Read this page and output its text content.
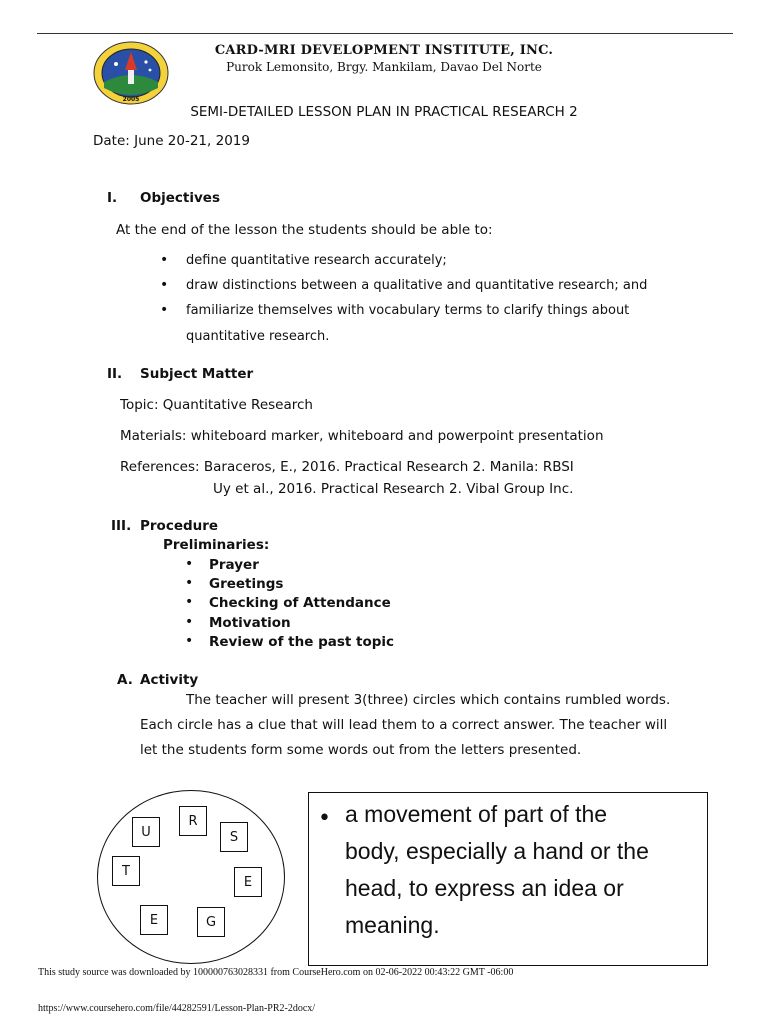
2005
CARD-MRI DEVELOPMENT INSTITUTE, INC.
Purok Lemonsito, Brgy. Mankilam, Davao Del Norte
SEMI-DETAILED LESSON PLAN IN PRACTICAL RESEARCH 2
Date: June 20-21, 2019
I. Objectives
At the end of the lesson the students should be able to:
• define quantitative research accurately;
• draw distinctions between a qualitative and quantitative research; and
• familiarize themselves with vocabulary terms to clarify things about
quantitative research.
II. Subject Matter
Topic: Quantitative Research
Materials: whiteboard marker, whiteboard and powerpoint presentation
References: Baraceros, E., 2016. Practical Research 2. Manila: RBSI
Uy et al., 2016. Practical Research 2. Vibal Group Inc.
III. Procedure
Preliminaries:
• Prayer
• Greetings
• Checking of Attendance
• Motivation
• Review of the past topic
A. Activity
The teacher will present 3(three) circles which contains rumbled words.
Each circle has a clue that will lead them to a correct answer. The teacher will
let the students form some words out from the letters presented.
R
U	S
T
E
E	G
• a movement of part of the
body, especially a hand or the
head, to express an idea or
meaning.
This study source was downloaded by 100000763028331 from CourseHero.com on 02-06-2022 00:43:22 GMT -06:00
https://www.coursehero.com/file/44282591/Lesson-Plan-PR2-2docx/
